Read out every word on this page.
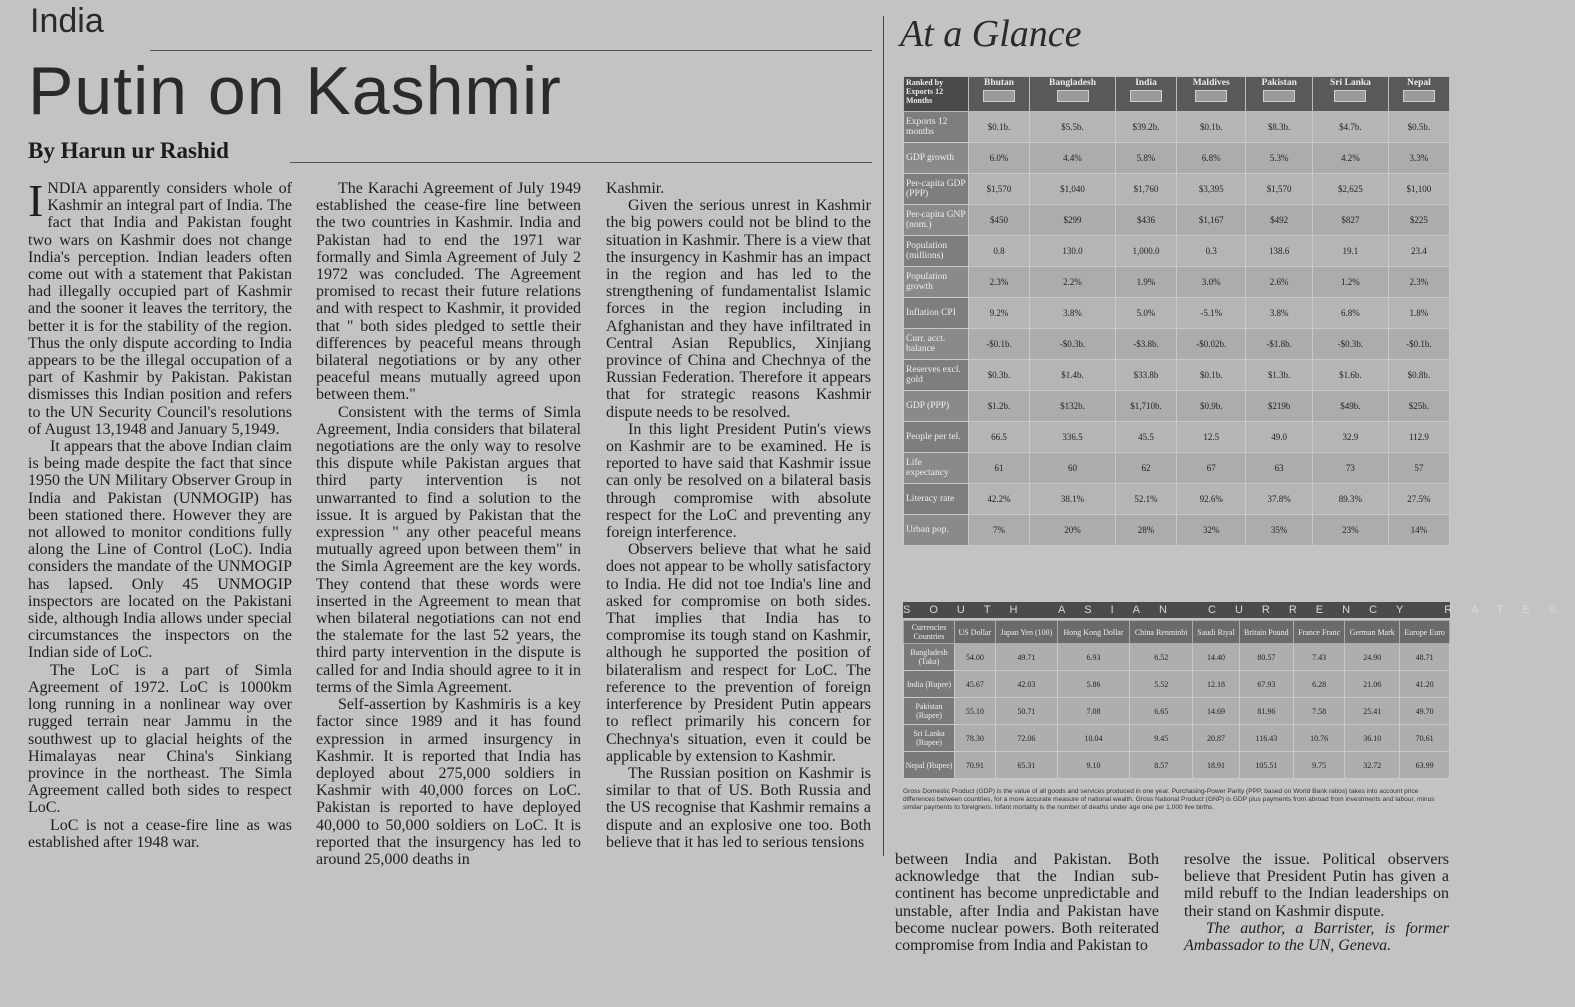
India
Putin on Kashmir
By Harun ur Rashid

INDIA apparently considers whole of Kashmir an integral part of India. The fact that India and Pakistan fought two wars on Kashmir does not change India's perception. Indian leaders often come out with a statement that Pakistan had illegally occupied part of Kashmir and the sooner it leaves the territory, the better it is for the stability of the region. Thus the only dispute according to India appears to be the illegal occupation of a part of Kashmir by Pakistan. Pakistan dismisses this Indian position and refers to the UN Security Council's resolutions of August 13,1948 and January 5,1949.

It appears that the above Indian claim is being made despite the fact that since 1950 the UN Military Observer Group in India and Pakistan (UNMOGIP) has been stationed there. However they are not allowed to monitor conditions fully along the Line of Control (LoC). India considers the mandate of the UNMOGIP has lapsed. Only 45 UNMOGIP inspectors are located on the Pakistani side, although India allows under special circumstances the inspectors on the Indian side of LoC.

The LoC is a part of Simla Agreement of 1972. LoC is 1000km long running in a nonlinear way over rugged terrain near Jammu in the southwest up to glacial heights of the Himalayas near China's Sinkiang province in the northeast. The Simla Agreement called both sides to respect LoC.

LoC is not a cease-fire line as was established after 1948 war.

The Karachi Agreement of July 1949 established the cease-fire line between the two countries in Kashmir. India and Pakistan had to end the 1971 war formally and Simla Agreement of July 2 1972 was concluded. The Agreement promised to recast their future relations and with respect to Kashmir, it provided that " both sides pledged to settle their differences by peaceful means through bilateral negotiations or by any other peaceful means mutually agreed upon between them."

Consistent with the terms of Simla Agreement, India considers that bilateral negotiations are the only way to resolve this dispute while Pakistan argues that third party intervention is not unwarranted to find a solution to the issue. It is argued by Pakistan that the expression " any other peaceful means mutually agreed upon between them" in the Simla Agreement are the key words. They contend that these words were inserted in the Agreement to mean that when bilateral negotiations can not end the stalemate for the last 52 years, the third party intervention in the dispute is called for and India should agree to it in terms of the Simla Agreement.

Self-assertion by Kashmiris is a key factor since 1989 and it has found expression in armed insurgency in Kashmir. It is reported that India has deployed about 275,000 soldiers in Kashmir with 40,000 forces on LoC. Pakistan is reported to have deployed 40,000 to 50,000 soldiers on LoC. It is reported that the insurgency has led to around 25,000 deaths in

Kashmir.

Given the serious unrest in Kashmir the big powers could not be blind to the situation in Kashmir. There is a view that the insurgency in Kashmir has an impact in the region and has led to the strengthening of fundamentalist Islamic forces in the region including in Afghanistan and they have infiltrated in Central Asian Republics, Xinjiang province of China and Chechnya of the Russian Federation. Therefore it appears that for strategic reasons Kashmir dispute needs to be resolved.

In this light President Putin's views on Kashmir are to be examined. He is reported to have said that Kashmir issue can only be resolved on a bilateral basis through compromise with absolute respect for the LoC and preventing any foreign interference.

Observers believe that what he said does not appear to be wholly satisfactory to India. He did not toe India's line and asked for compromise on both sides. That implies that India has to compromise its tough stand on Kashmir, although he supported the position of bilateralism and respect for LoC. The reference to the prevention of foreign interference by President Putin appears to reflect primarily his concern for Chechnya's situation, even it could be applicable by extension to Kashmir.

The Russian position on Kashmir is similar to that of US. Both Russia and the US recognise that Kashmir remains a dispute and an explosive one too. Both believe that it has led to serious tensions

between India and Pakistan. Both acknowledge that the Indian sub-continent has become unpredictable and unstable, after India and Pakistan have become nuclear powers. Both reiterated compromise from India and Pakistan to

resolve the issue. Political observers believe that President Putin has given a mild rebuff to the Indian leaderships on their stand on Kashmir dispute.

The author, a Barrister, is former Ambassador to the UN, Geneva.

At a Glance
Ranked by Exports 12 Months	Bhutan	Bangladesh	India	Maldives	Pakistan	Sri Lanka	Nepal

Exports 12 months	$0.1b.	$5.5b.	$39.2b.	$0.1b.	$8.3b.	$4.7b.	$0.5b.
GDP growth	6.0%	4.4%	5.8%	6.8%	5.3%	4.2%	3.3%
Per-capita GDP (PPP)	$1,570	$1,040	$1,760	$3,395	$1,570	$2,625	$1,100
Per-capita GNP (nom.)	$450	$299	$436	$1,167	$492	$827	$225
Population (millions)	0.8	130.0	1,000.0	0.3	138.6	19.1	23.4
Population growth	2.3%	2.2%	1.9%	3.0%	2.6%	1.2%	2.3%
Inflation CPI	9.2%	3.8%	5.0%	-5.1%	3.8%	6.8%	1.8%
Curr. acct. balance	-$0.1b.	-$0.3b.	-$3.8b.	-$0.02b.	-$1.8b.	-$0.3b.	-$0.1b.
Reserves excl. gold	$0.3b.	$1.4b.	$33.8b	$0.1b.	$1.3b.	$1.6b.	$0.8b.
GDP (PPP)	$1.2b.	$132b.	$1,710b.	$0.9b.	$219b	$49b.	$25b.
People per tel.	66.5	336.5	45.5	12.5	49.0	32.9	112.9
Life expectancy	61	60	62	67	63	73	57
Literacy rate	42.2%	38.1%	52.1%	92.6%	37.8%	89.3%	27.5%
Urban pop.	7%	20%	28%	32%	35%	23%	14%
SOUTH ASIAN CURRENCY RATES
Currencies Countries	US Dollar	Japan Yen (100)	Hong Kong Dollar	China Renminbi	Saudi Riyal	Britain Pound	France Franc	German Mark	Europe Euro
Bangladesh (Taka)	54.00	49.71	6.93	6.52	14.40	80.57	7.43	24.90	48.71
India (Rupee)	45.67	42.03	5.86	5.52	12.18	67.93	6.28	21.06	41.20
Pakistan (Rupee)	55.10	50.71	7.08	6.65	14.69	81.96	7.58	25.41	49.70
Sri Lanka (Rupee)	78.30	72.06	10.04	9.45	20.87	116.43	10.76	36.10	70.61
Nepal (Rupee)	70.91	65.31	9.10	8.57	18.91	105.51	9.75	32.72	63.99
Gross Domestic Product (GDP) is the value of all goods and services produced in one year. Purchasing-Power Parity (PPP, based on World Bank ratios) takes into account price differences between countries, for a more accurate measure of national wealth. Gross National Product (GNP) is GDP plus payments from abroad from investments and labour, minus similar payments to foreigners. Infant mortality is the number of deaths under age one per 1,000 live births.
